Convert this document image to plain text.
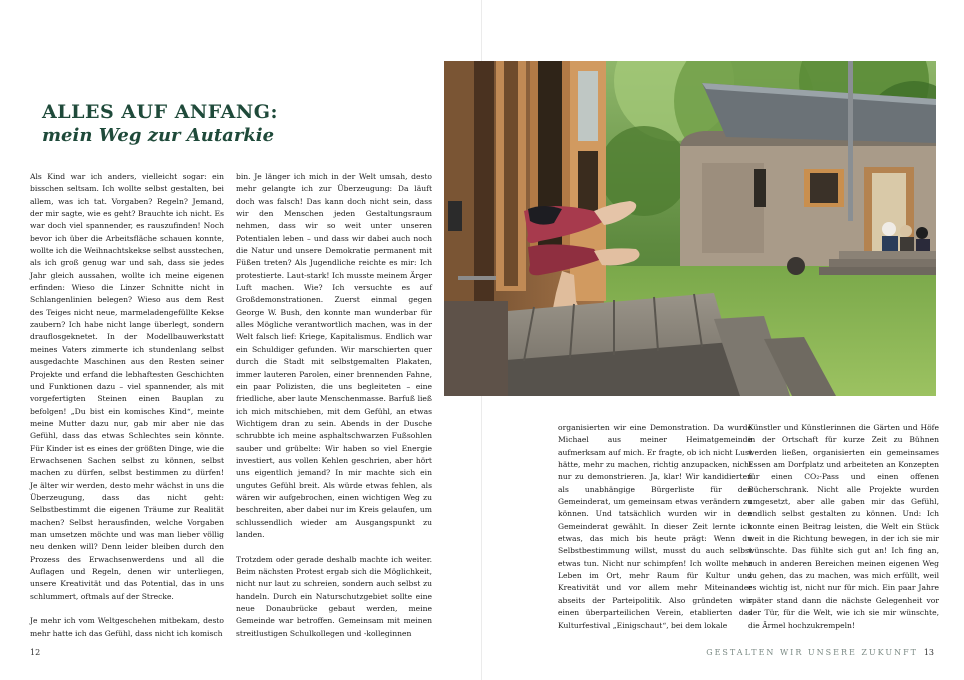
ALLES AUF ANFANG:
mein Weg zur Autarkie

Als Kind war ich anders, vielleicht sogar: ein bisschen seltsam. Ich wollte selbst gestalten, bei allem, was ich tat. Vorgaben? Regeln? Jemand, der mir sagte, wie es geht? Brauchte ich nicht. Es war doch viel spannender, es rauszufinden! Noch bevor ich über die Arbeitsfläche schauen konnte, wollte ich die Weihnachtskekse selbst ausstechen, als ich groß genug war und sah, dass sie jedes Jahr gleich aussahen, wollte ich meine eigenen erfinden: Wieso die Linzer Schnitte nicht in Schlangenlinien belegen? Wieso aus dem Rest des Teiges nicht neue, marmeladengefüllte Kekse zaubern? Ich habe nicht lange überlegt, sondern drauflosgeknetet. In der Modellbauwerkstatt meines Vaters zimmerte ich stundenlang selbst ausgedachte Maschinen aus den Resten seiner Projekte und erfand die lebhaftesten Geschichten und Funktionen dazu – viel spannender, als mit vorgefertigten Steinen einen Bauplan zu befolgen! „Du bist ein komisches Kind“, meinte meine Mutter dazu nur, gab mir aber nie das Gefühl, dass das etwas Schlechtes sein könnte. Für Kinder ist es eines der größten Dinge, wie die Erwachsenen Sachen selbst zu können, selbst machen zu dürfen, selbst bestimmen zu dürfen! Je älter wir werden, desto mehr wächst in uns die Überzeugung, dass das nicht geht: Selbstbestimmt die eigenen Träume zur Realität machen? Selbst herausfinden, welche Vorgaben man umsetzen möchte und was man lieber völlig neu denken will? Denn leider bleiben durch den Prozess des Erwachsenwerdens und all die Auflagen und Regeln, denen wir unterliegen, unsere Kreativität und das Potential, das in uns schlummert, oftmals auf der Strecke.

Je mehr ich vom Weltgeschehen mitbekam, desto mehr hatte ich das Gefühl, dass nicht ich komisch

bin. Je länger ich mich in der Welt umsah, desto mehr gelangte ich zur Überzeugung: Da läuft doch was falsch! Das kann doch nicht sein, dass wir den Menschen jeden Gestaltungsraum nehmen, dass wir so weit unter unseren Potentialen leben – und dass wir dabei auch noch die Natur und unsere Demokratie permanent mit Füßen treten? Als Jugendliche reichte es mir: Ich protestierte. Laut-stark! Ich musste meinem Ärger Luft machen. Wie? Ich versuchte es auf Großdemonstrationen. Zuerst einmal gegen George W. Bush, den konnte man wunderbar für alles Mögliche verantwortlich machen, was in der Welt falsch lief: Kriege, Kapitalismus. Endlich war ein Schuldiger gefunden. Wir marschierten quer durch die Stadt mit selbstgemalten Plakaten, immer lauteren Parolen, einer brennenden Fahne, ein paar Polizisten, die uns begleiteten – eine friedliche, aber laute Menschenmasse. Barfuß ließ ich mich mitschieben, mit dem Gefühl, an etwas Wichtigem dran zu sein. Abends in der Dusche schrubbte ich meine asphaltschwarzen Fußsohlen sauber und grübelte: Wir haben so viel Energie investiert, aus vollen Kehlen geschrien, aber hört uns eigentlich jemand? In mir machte sich ein ungutes Gefühl breit. Als würde etwas fehlen, als wären wir aufgebrochen, einen wichtigen Weg zu beschreiten, aber dabei nur im Kreis gelaufen, um schlussendlich wieder am Ausgangspunkt zu landen.

Trotzdem oder gerade deshalb machte ich weiter. Beim nächsten Protest ergab sich die Möglichkeit, nicht nur laut zu schreien, sondern auch selbst zu handeln. Durch ein Naturschutzgebiet sollte eine neue Donaubrücke gebaut werden, meine Gemeinde war betroffen. Gemeinsam mit meinen streitlustigen Schulkollegen und -kolleginnen

12
organisierten wir eine Demonstration. Da wurde Michael aus meiner Heimatgemeinde aufmerksam auf mich. Er fragte, ob ich nicht Lust hätte, mehr zu machen, richtig anzupacken, nicht nur zu demonstrieren. Ja, klar! Wir kandidierten als unabhängige Bürgerliste für den Gemeinderat, um gemeinsam etwas verändern zu können. Und tatsächlich wurden wir in den Gemeinderat gewählt. In dieser Zeit lernte ich etwas, das mich bis heute prägt: Wenn du Selbstbestimmung willst, musst du auch selbst etwas tun. Nicht nur schimpfen! Ich wollte mehr Leben im Ort, mehr Raum für Kultur und Kreativität und vor allem mehr Miteinander abseits der Parteipolitik. Also gründeten wir einen überparteilichen Verein, etablierten das Kulturfestival „Einigschaut“, bei dem lokale
Künstler und Künstlerinnen die Gärten und Höfe in der Ortschaft für kurze Zeit zu Bühnen werden ließen, organisierten ein gemeinsames Essen am Dorfplatz und arbeiteten an Konzepten für einen CO₂-Pass und einen offenen Bücherschrank. Nicht alle Projekte wurden umgesetzt, aber alle gaben mir das Gefühl, endlich selbst gestalten zu können. Und: Ich konnte einen Beitrag leisten, die Welt ein Stück weit in die Richtung bewegen, in der ich sie mir wünschte. Das fühlte sich gut an! Ich fing an, auch in anderen Bereichen meinen eigenen Weg zu gehen, das zu machen, was mich erfüllt, weil es wichtig ist, nicht nur für mich. Ein paar Jahre später stand dann die nächste Gelegenheit vor der Tür, für die Welt, wie ich sie mir wünschte, die Ärmel hochzukrempeln!
GESTALTEN WIR UNSERE ZUKUNFT 13
